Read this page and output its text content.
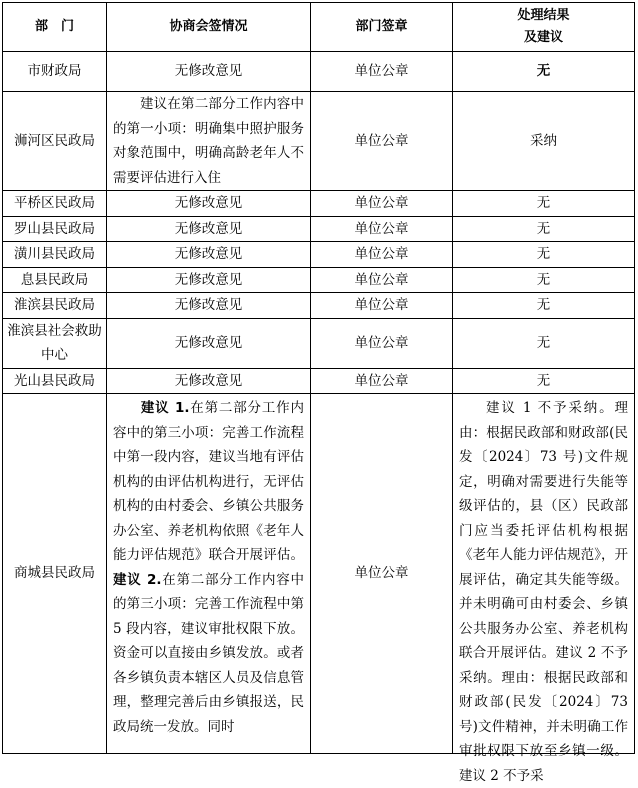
部　门	协商会签情况	部门签章	处理结果
及建议

市财政局	无修改意见	单位公章	无
浉河区民政局	建议在第二部分工作内容中的第一小项：明确集中照护服务对象范围中，明确高龄老年人不需要评估进行入住	单位公章	采纳
平桥区民政局	无修改意见	单位公章	无
罗山县民政局	无修改意见	单位公章	无
潢川县民政局	无修改意见	单位公章	无
息县民政局	无修改意见	单位公章	无
淮滨县民政局	无修改意见	单位公章	无
淮滨县社会救助中心	无修改意见	单位公章	无
光山县民政局	无修改意见	单位公章	无
商城县民政局	建议 1.在第二部分工作内容中的第三小项：完善工作流程中第一段内容，建议当地有评估机构的由评估机构进行，无评估机构的由村委会、乡镇公共服务办公室、养老机构依照《老年人能力评估规范》联合开展评估。建议 2.在第二部分工作内容中的第三小项：完善工作流程中第 5 段内容，建议审批权限下放。资金可以直接由乡镇发放。或者各乡镇负责本辖区人员及信息管理，整理完善后由乡镇报送，民政局统一发放。同时	单位公章	建议 1 不予采纳。理由：根据民政部和财政部(民发〔2024〕73 号)文件规定，明确对需要进行失能等级评估的，县（区）民政部门应当委托评估机构根据《老年人能力评估规范》，开展评估，确定其失能等级。并未明确可由村委会、乡镇公共服务办公室、养老机构联合开展评估。建议 2 不予采纳。理由：根据民政部和财政部(民发〔2024〕73 号)文件精神，并未明确工作审批权限下放至乡镇一级。建议 2 不予采
